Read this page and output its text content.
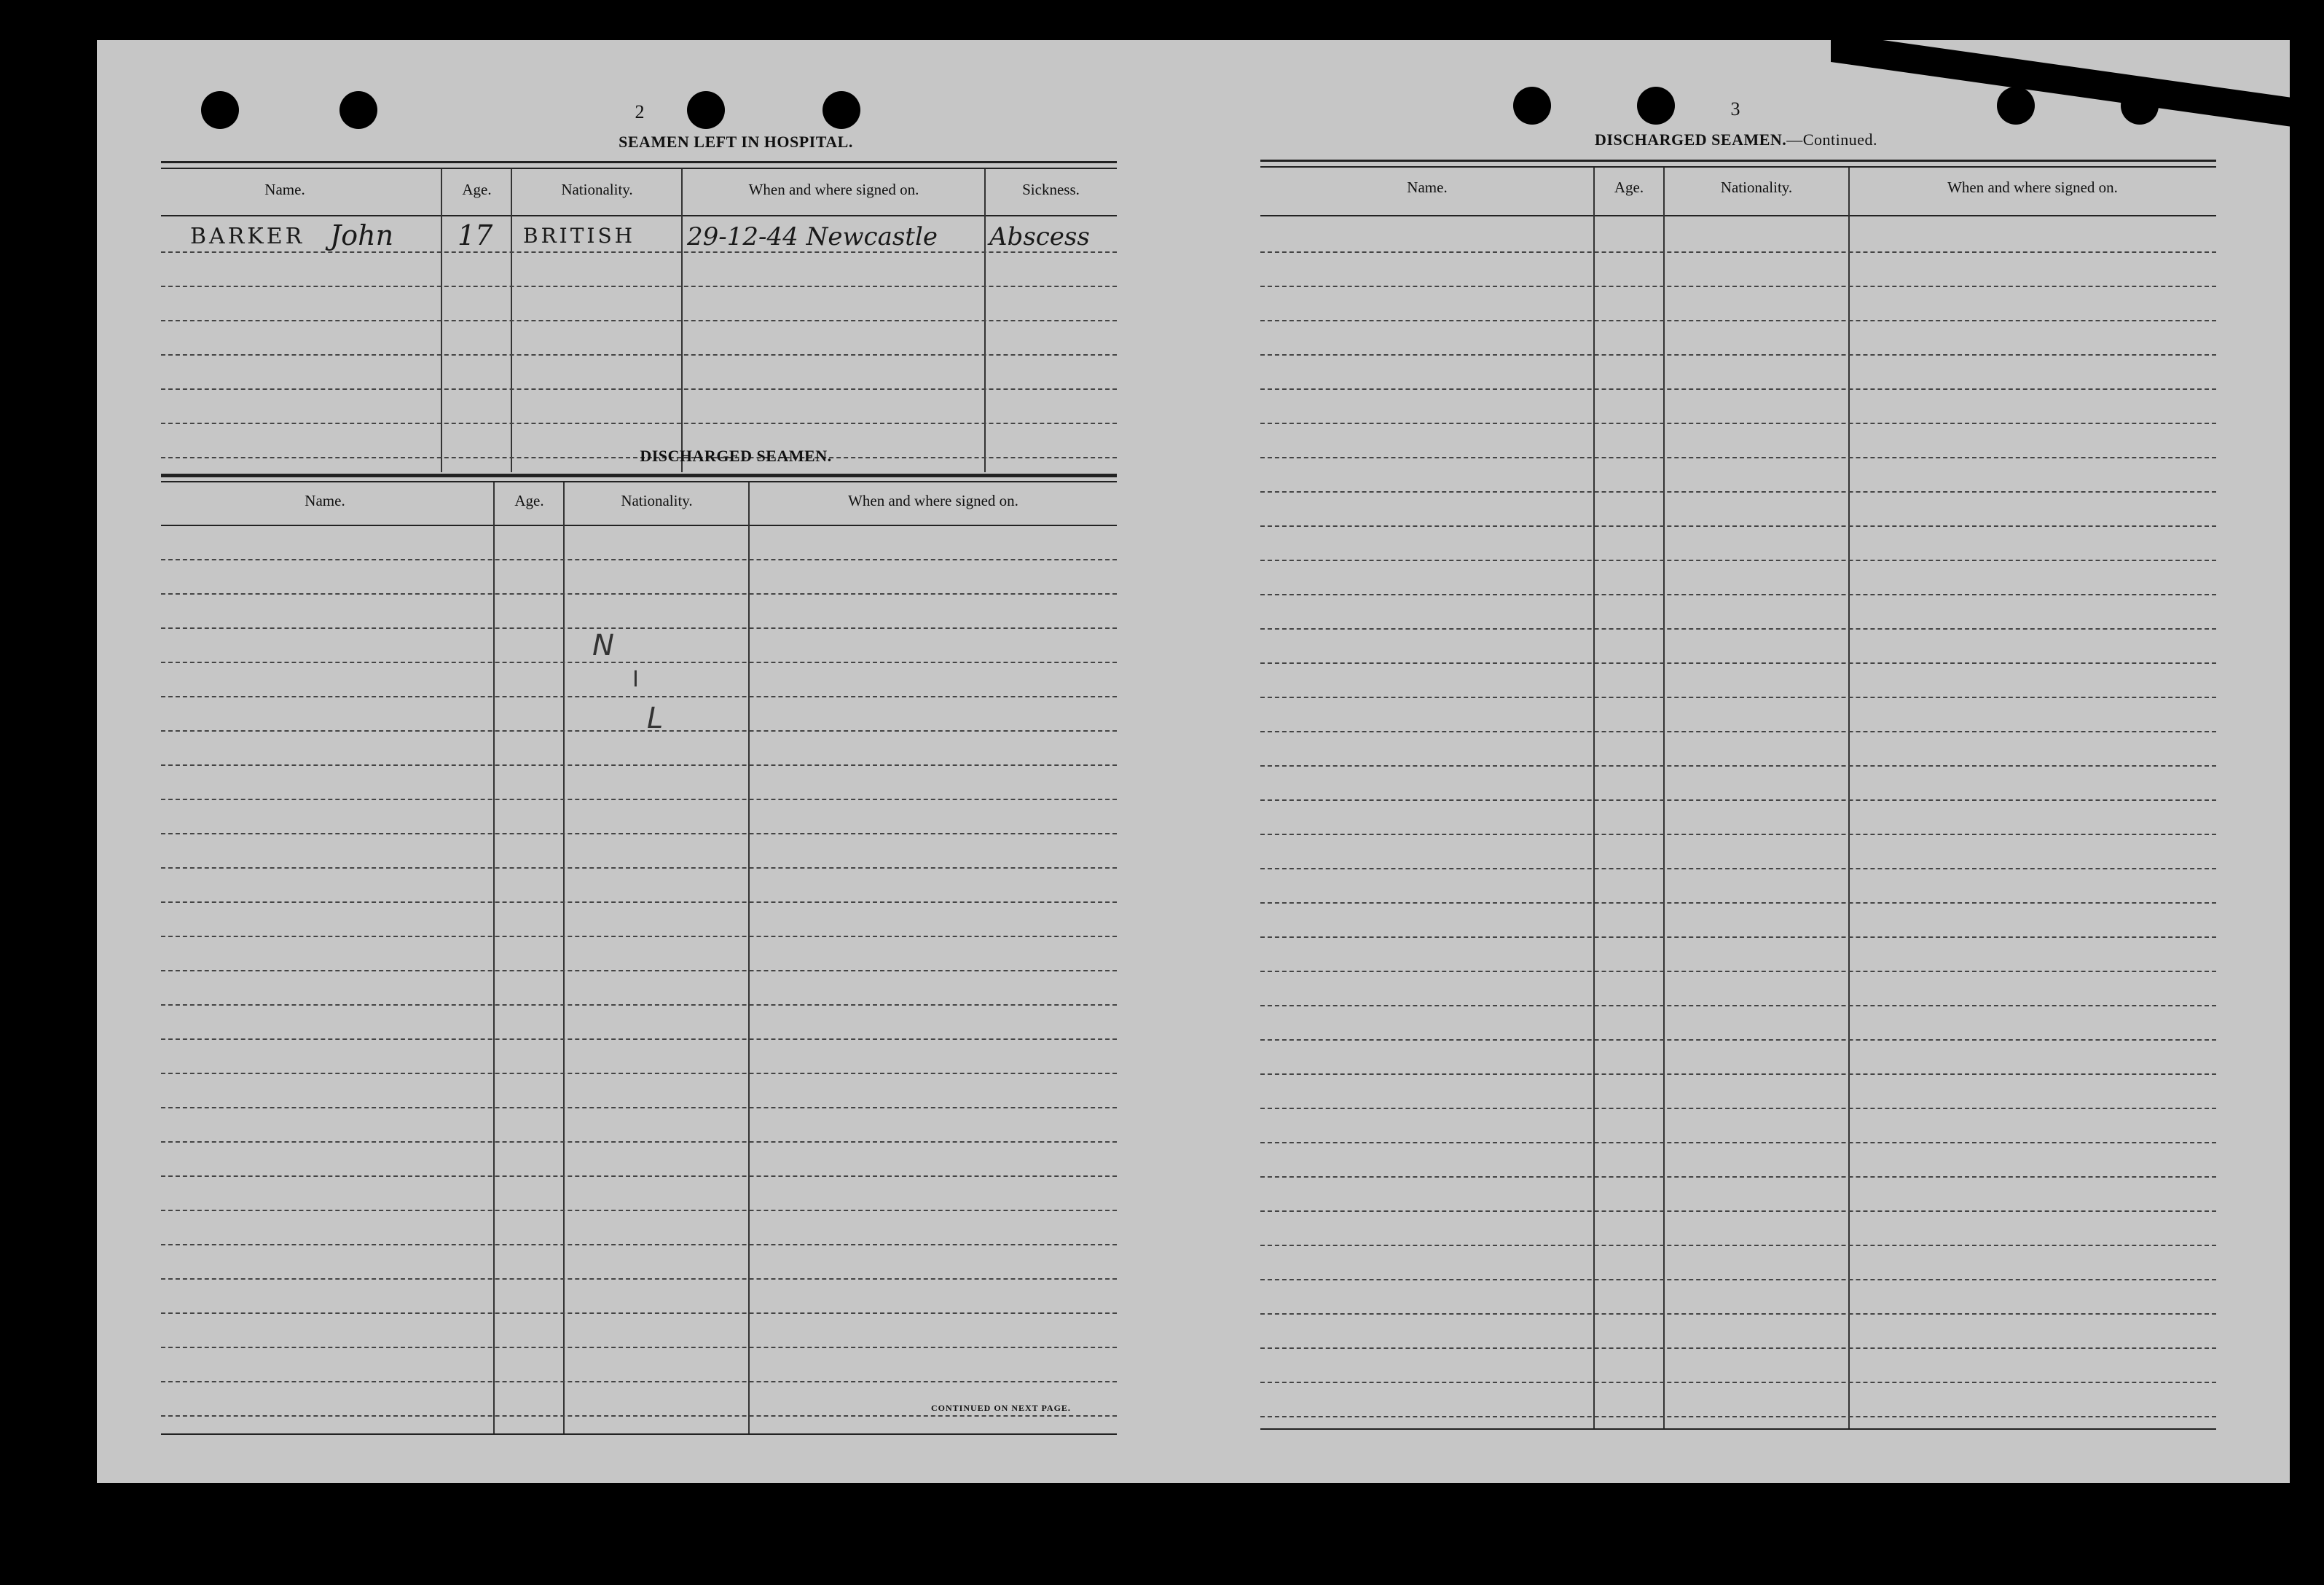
2
SEAMEN LEFT IN HOSPITAL.
Name.	Age.	Nationality.	When and where signed on.	Sickness.
BARKER John 17 BRITISH 29-12-44 Newcastle Abscess
DISCHARGED SEAMEN.
Name.	Age.	Nationality.	When and where signed on.
N
I
L
CONTINUED ON NEXT PAGE.
3
DISCHARGED SEAMEN.—Continued.
Name.	Age.	Nationality.	When and where signed on.
